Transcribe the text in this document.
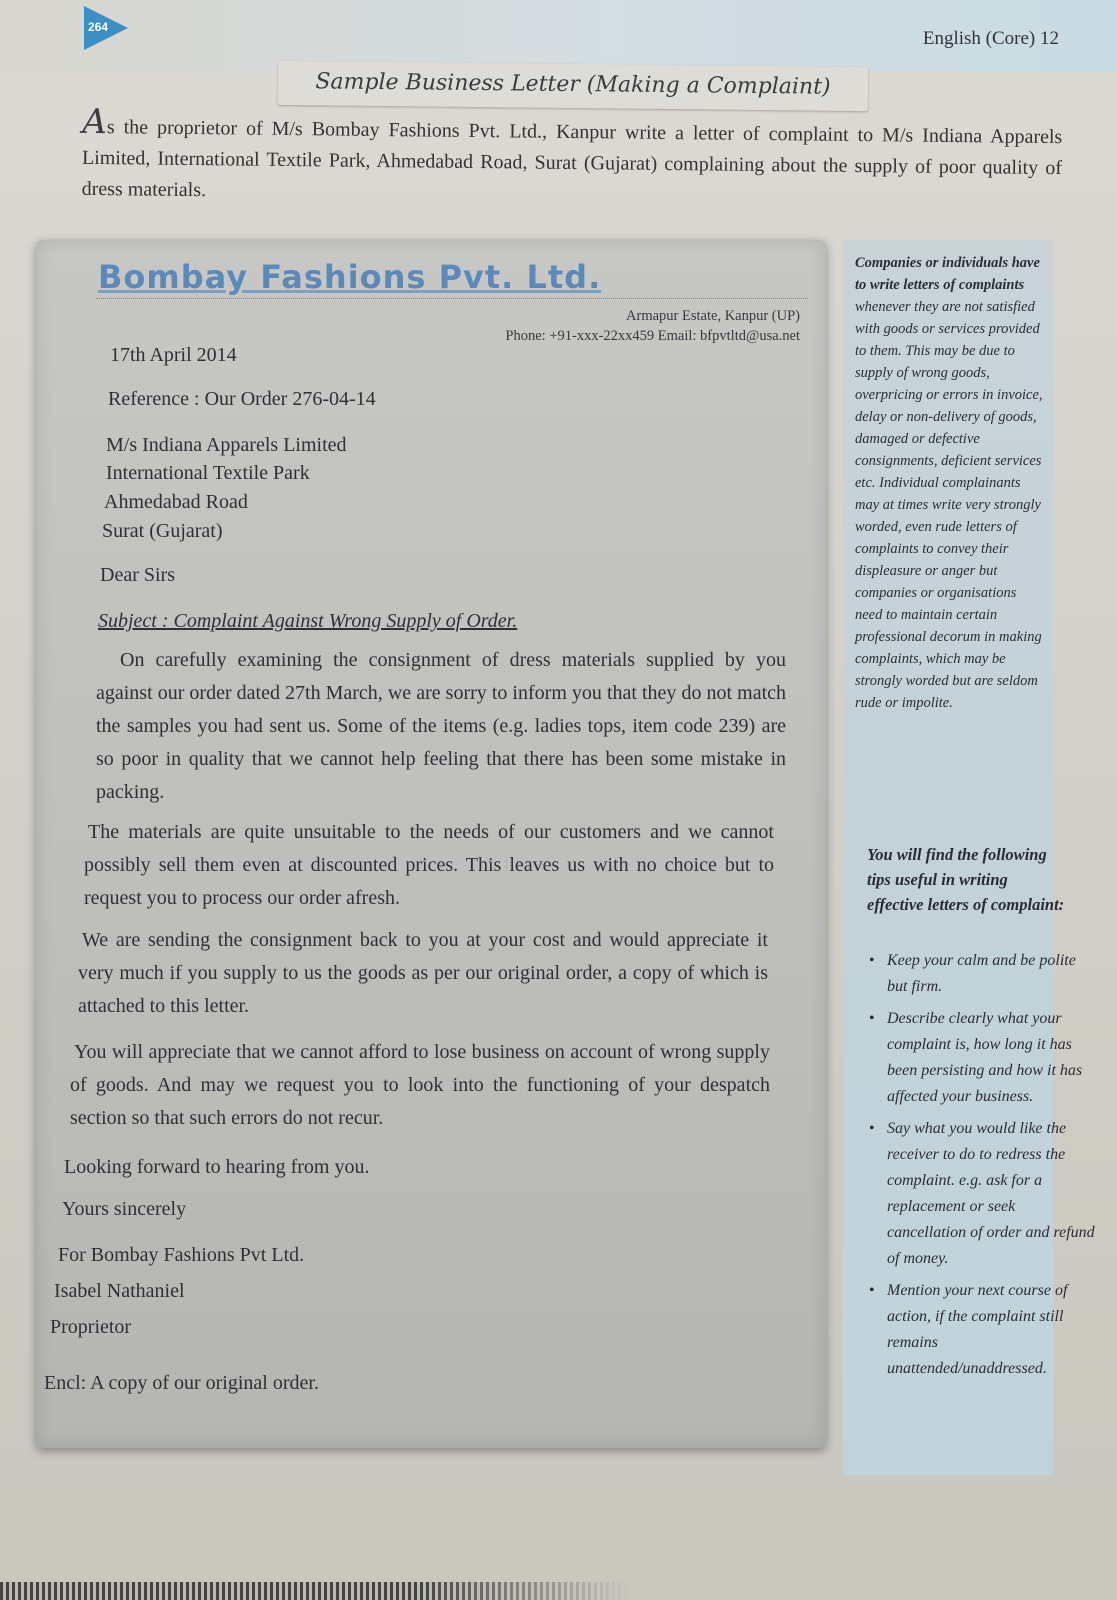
264
English (Core) 12
Sample Business Letter (Making a Complaint)
As the proprietor of M/s Bombay Fashions Pvt. Ltd., Kanpur write a letter of complaint to M/s Indiana Apparels Limited, International Textile Park, Ahmedabad Road, Surat (Gujarat) complaining about the supply of poor quality of dress materials.
Bombay Fashions Pvt. Ltd.
Armapur Estate, Kanpur (UP)
Phone: +91-xxx-22xx459 Email: bfpvtltd@usa.net
17th April 2014
Reference : Our Order 276-04-14
M/s Indiana Apparels Limited
International Textile Park
Ahmedabad Road
Surat (Gujarat)
Dear Sirs
Subject : Complaint Against Wrong Supply of Order.
On carefully examining the consignment of dress materials supplied by you against our order dated 27th March, we are sorry to inform you that they do not match the samples you had sent us. Some of the items (e.g. ladies tops, item code 239) are so poor in quality that we cannot help feeling that there has been some mistake in packing.
The materials are quite unsuitable to the needs of our customers and we cannot possibly sell them even at discounted prices. This leaves us with no choice but to request you to process our order afresh.
We are sending the consignment back to you at your cost and would appreciate it very much if you supply to us the goods as per our original order, a copy of which is attached to this letter.
You will appreciate that we cannot afford to lose business on account of wrong supply of goods. And may we request you to look into the functioning of your despatch section so that such errors do not recur.
Looking forward to hearing from you.
Yours sincerely
For Bombay Fashions Pvt Ltd.
Isabel Nathaniel
Proprietor
Encl: A copy of our original order.
Companies or individuals have to write letters of complaints whenever they are not satisfied with goods or services provided to them. This may be due to supply of wrong goods, overpricing or errors in invoice, delay or non-delivery of goods, damaged or defective consignments, deficient services etc. Individual complainants may at times write very strongly worded, even rude letters of complaints to convey their displeasure or anger but companies or organisations need to maintain certain professional decorum in making complaints, which may be strongly worded but are seldom rude or impolite.
You will find the following tips useful in writing effective letters of complaint:
• Keep your calm and be polite but firm.
• Describe clearly what your complaint is, how long it has been persisting and how it has affected your business.
• Say what you would like the receiver to do to redress the complaint. e.g. ask for a replacement or seek cancellation of order and refund of money.
• Mention your next course of action, if the complaint still remains unattended/unaddressed.
